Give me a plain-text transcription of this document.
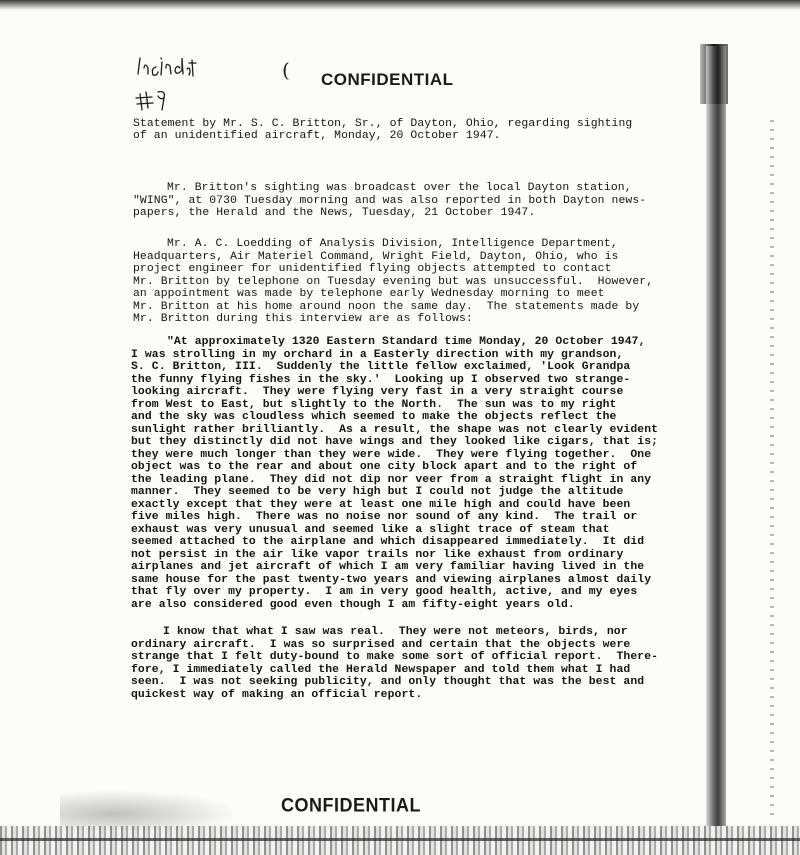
( CONFIDENTIAL
Statement by Mr. S. C. Britton, Sr., of Dayton, Ohio, regarding sighting
of an unidentified aircraft, Monday, 20 October 1947.
Mr. Britton's sighting was broadcast over the local Dayton station,
"WING", at 0730 Tuesday morning and was also reported in both Dayton news-
papers, the Herald and the News, Tuesday, 21 October 1947.
Mr. A. C. Loedding of Analysis Division, Intelligence Department,
Headquarters, Air Materiel Command, Wright Field, Dayton, Ohio, who is
project engineer for unidentified flying objects attempted to contact
Mr. Britton by telephone on Tuesday evening but was unsuccessful.  However,
an appointment was made by telephone early Wednesday morning to meet
Mr. Britton at his home around noon the same day.  The statements made by
Mr. Britton during this interview are as follows:
"At approximately 1320 Eastern Standard time Monday, 20 October 1947,
I was strolling in my orchard in a Easterly direction with my grandson,
S. C. Britton, III.  Suddenly the little fellow exclaimed, 'Look Grandpa
the funny flying fishes in the sky.'  Looking up I observed two strange-
looking aircraft.  They were flying very fast in a very straight course
from West to East, but slightly to the North.  The sun was to my right
and the sky was cloudless which seemed to make the objects reflect the
sunlight rather brilliantly.  As a result, the shape was not clearly evident
but they distinctly did not have wings and they looked like cigars, that is;
they were much longer than they were wide.  They were flying together.  One
object was to the rear and about one city block apart and to the right of
the leading plane.  They did not dip nor veer from a straight flight in any
manner.  They seemed to be very high but I could not judge the altitude
exactly except that they were at least one mile high and could have been
five miles high.  There was no noise nor sound of any kind.  The trail or
exhaust was very unusual and seemed like a slight trace of steam that
seemed attached to the airplane and which disappeared immediately.  It did
not persist in the air like vapor trails nor like exhaust from ordinary
airplanes and jet aircraft of which I am very familiar having lived in the
same house for the past twenty-two years and viewing airplanes almost daily
that fly over my property.  I am in very good health, active, and my eyes
are also considered good even though I am fifty-eight years old.
I know that what I saw was real.  They were not meteors, birds, nor
ordinary aircraft.  I was so surprised and certain that the objects were
strange that I felt duty-bound to make some sort of official report.  There-
fore, I immediately called the Herald Newspaper and told them what I had
seen.  I was not seeking publicity, and only thought that was the best and
quickest way of making an official report.
CONFIDENTIAL
